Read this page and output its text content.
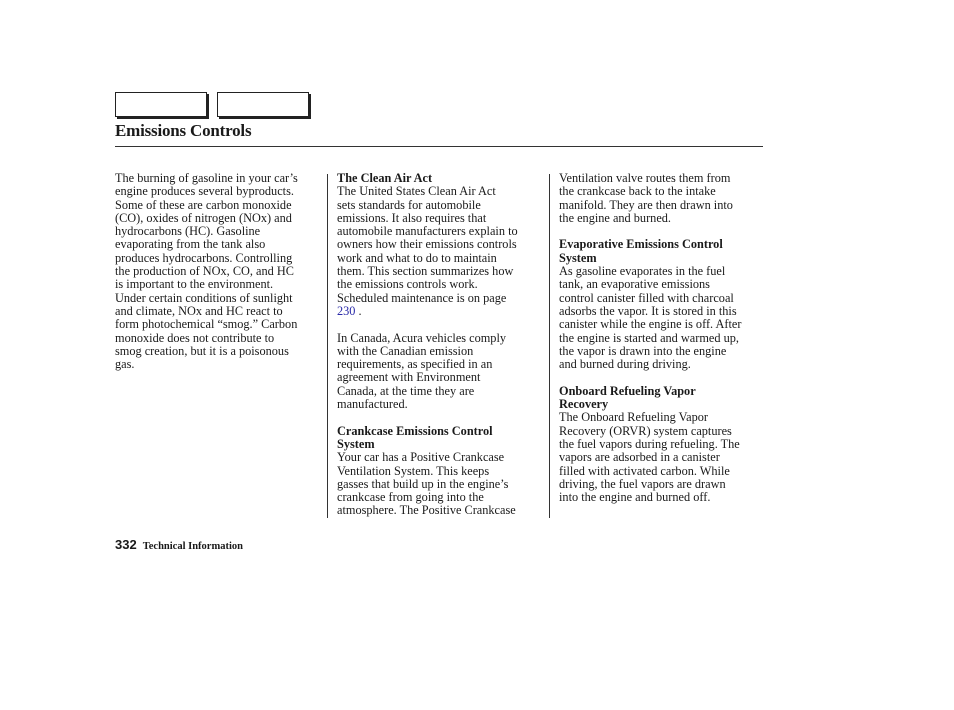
Emissions Controls

The burning of gasoline in your car’s
engine produces several byproducts.
Some of these are carbon monoxide
(CO), oxides of nitrogen (NOx) and
hydrocarbons (HC). Gasoline
evaporating from the tank also
produces hydrocarbons. Controlling
the production of NOx, CO, and HC
is important to the environment.
Under certain conditions of sunlight
and climate, NOx and HC react to
form photochemical “smog.” Carbon
monoxide does not contribute to
smog creation, but it is a poisonous
gas.

The Clean Air Act

The United States Clean Air Act
sets standards for automobile
emissions. It also requires that
automobile manufacturers explain to
owners how their emissions controls
work and what to do to maintain
them. This section summarizes how
the emissions controls work.
Scheduled maintenance is on page
230 .

In Canada, Acura vehicles comply
with the Canadian emission
requirements, as specified in an
agreement with Environment
Canada, at the time they are
manufactured.

Crankcase Emissions Control
System

Your car has a Positive Crankcase
Ventilation System. This keeps
gasses that build up in the engine’s
crankcase from going into the
atmosphere. The Positive Crankcase

Ventilation valve routes them from
the crankcase back to the intake
manifold. They are then drawn into
the engine and burned.

Evaporative Emissions Control
System

As gasoline evaporates in the fuel
tank, an evaporative emissions
control canister filled with charcoal
adsorbs the vapor. It is stored in this
canister while the engine is off. After
the engine is started and warmed up,
the vapor is drawn into the engine
and burned during driving.

Onboard Refueling Vapor
Recovery

The Onboard Refueling Vapor
Recovery (ORVR) system captures
the fuel vapors during refueling. The
vapors are adsorbed in a canister
filled with activated carbon. While
driving, the fuel vapors are drawn
into the engine and burned off.

332 Technical Information
